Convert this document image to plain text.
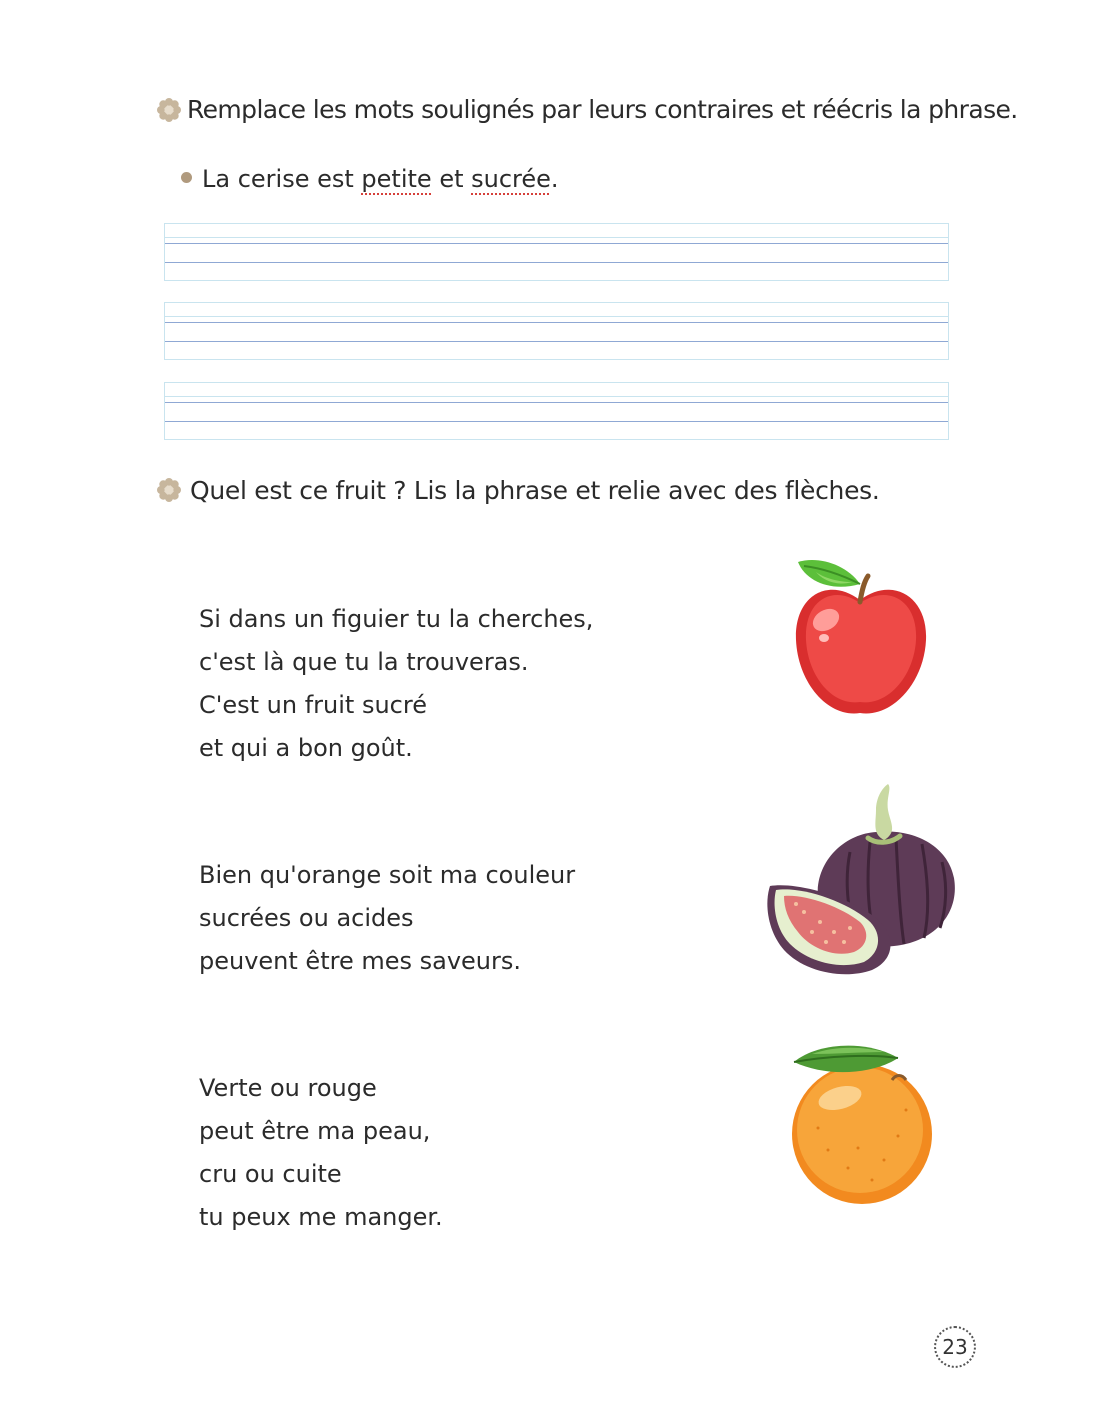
Remplace les mots soulignés par leurs contraires et réécris la phrase.
La cerise est petite et sucrée.
Quel est ce fruit ? Lis la phrase et relie avec des flèches.
Si dans un figuier tu la cherches,
c'est là que tu la trouveras.
C'est un fruit sucré
et qui a bon goût.
Bien qu'orange soit ma couleur
sucrées ou acides
peuvent être mes saveurs.
Verte ou rouge
peut être ma peau,
cru ou cuite
tu peux me manger.
23
